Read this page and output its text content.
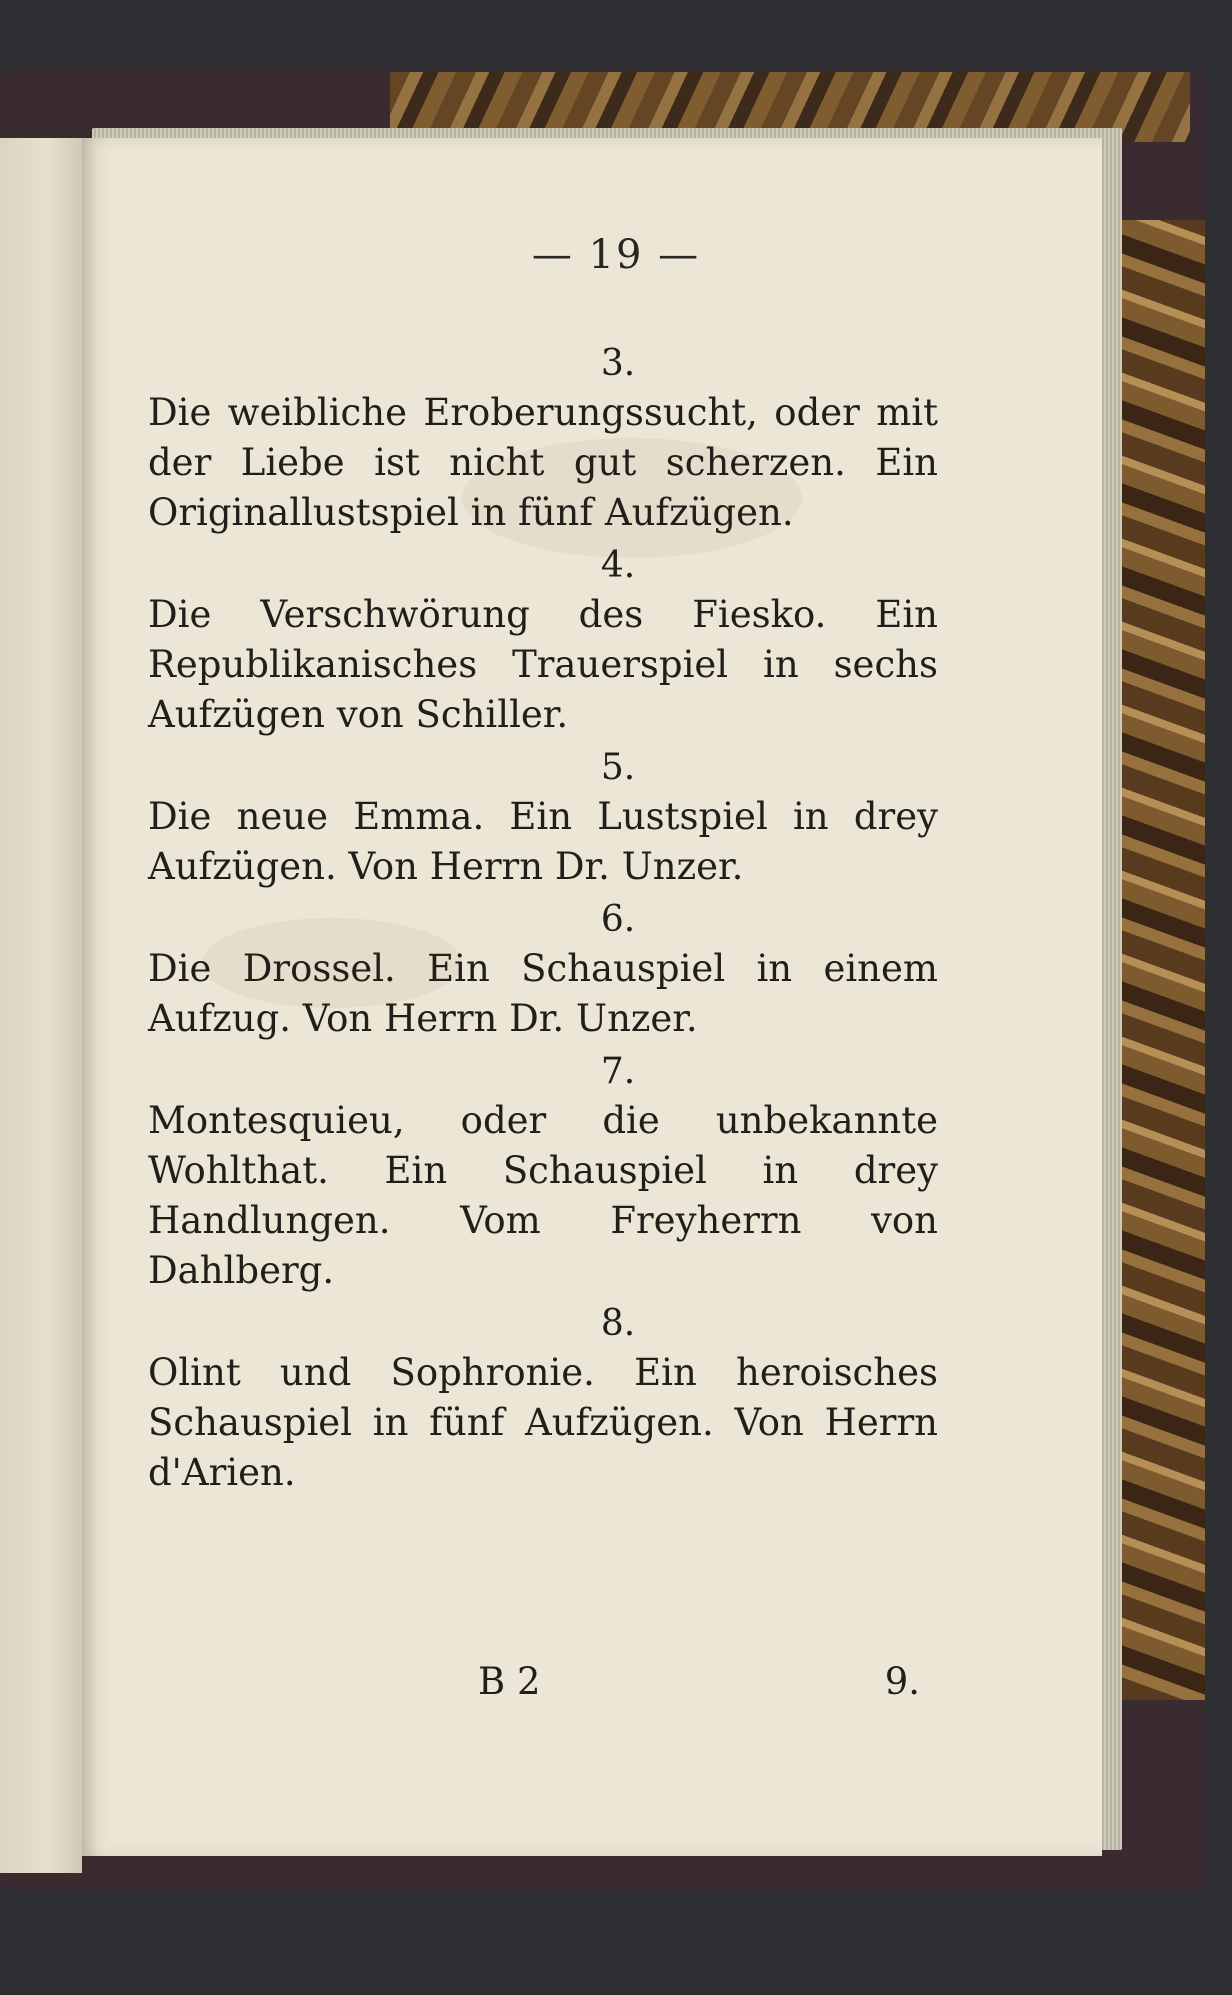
— 19 —

3.

Die weibliche Eroberungssucht, oder mit der Liebe ist nicht gut scherzen. Ein Originallustspiel in fünf Aufzügen.

4.

Die Verschwörung des Fiesko. Ein Republikanisches Trauerspiel in sechs Aufzügen von Schiller.

5.

Die neue Emma. Ein Lustspiel in drey Aufzügen. Von Herrn Dr. Unzer.

6.

Die Drossel. Ein Schauspiel in einem Aufzug. Von Herrn Dr. Unzer.

7.

Montesquieu, oder die unbekannte Wohlthat. Ein Schauspiel in drey Handlungen. Vom Freyherrn von Dahlberg.

8.

Olint und Sophronie. Ein heroisches Schauspiel in fünf Aufzügen. Von Herrn d'Arien.

B 2	9.
